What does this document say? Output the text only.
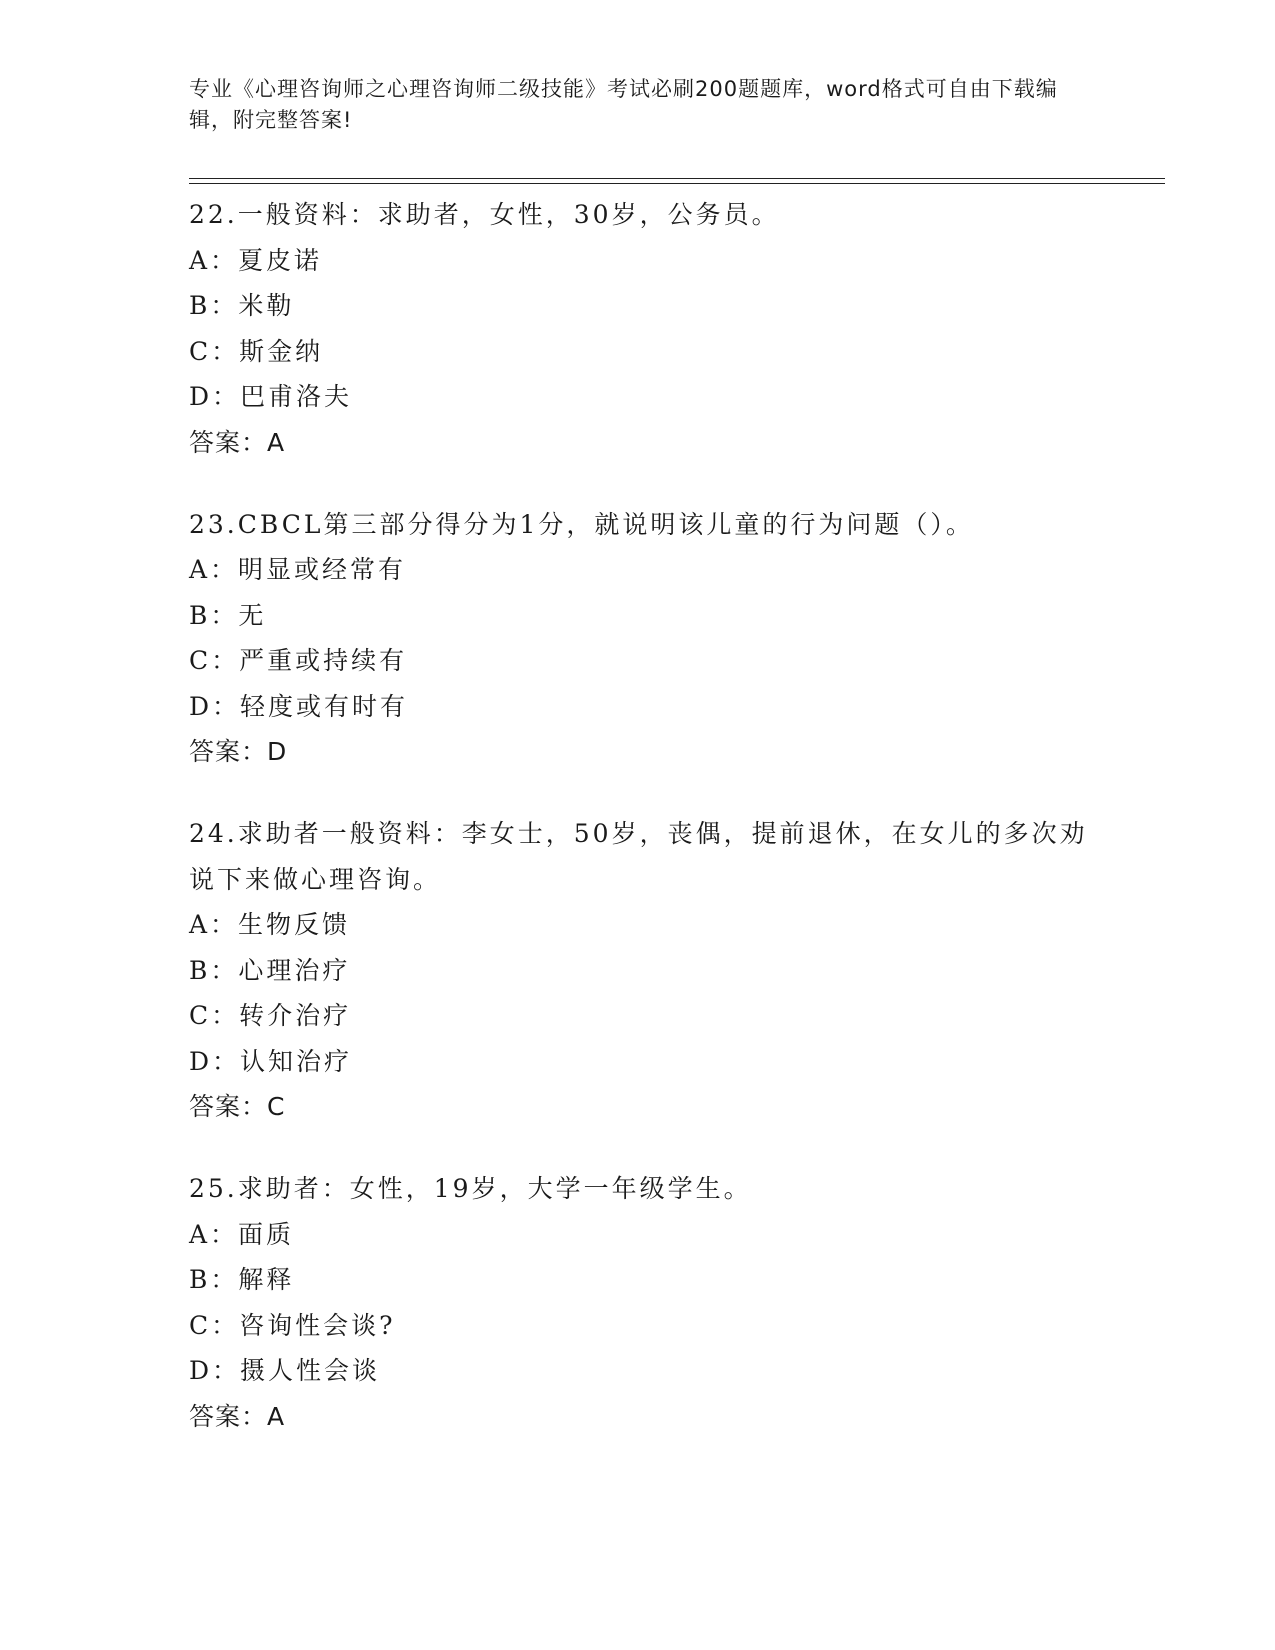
专业《心理咨询师之心理咨询师二级技能》考试必刷200题题库，word格式可自由下载编辑，附完整答案!
22.一般资料：求助者，女性，30岁，公务员。
A：夏皮诺
B：米勒
C：斯金纳
D：巴甫洛夫
答案：A
23.CBCL第三部分得分为1分，就说明该儿童的行为问题（）。
A：明显或经常有
B：无
C：严重或持续有
D：轻度或有时有
答案：D
24.求助者一般资料：李女士，50岁，丧偶，提前退休，在女儿的多次劝说下来做心理咨询。
A：生物反馈
B：心理治疗
C：转介治疗
D：认知治疗
答案：C
25.求助者：女性，19岁，大学一年级学生。
A：面质
B：解释
C：咨询性会谈?
D：摄人性会谈
答案：A
